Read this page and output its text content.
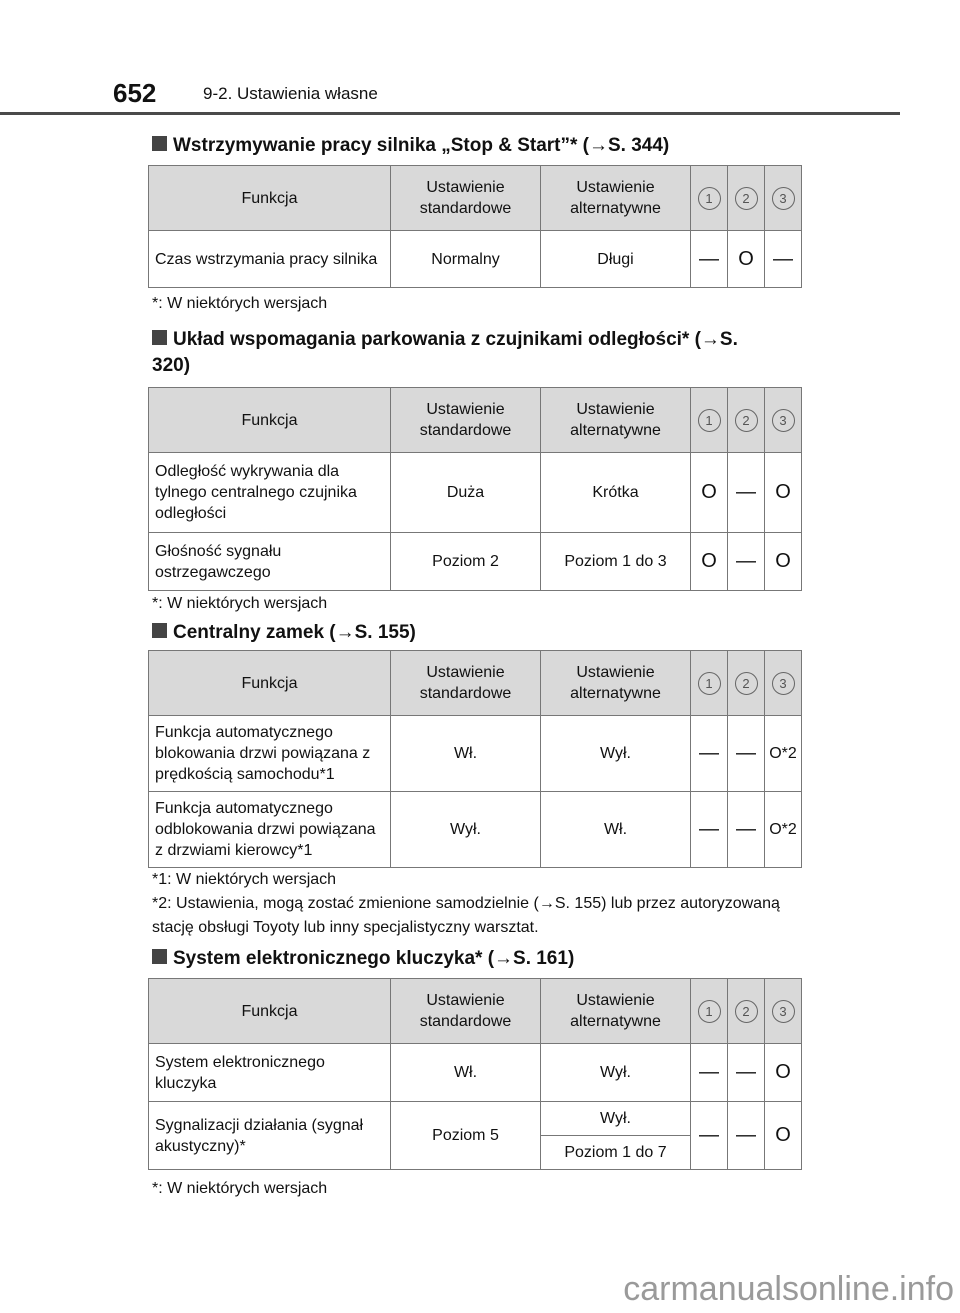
652	9-2. Ustawienia własne
Wstrzymywanie pracy silnika „Stop & Start”* (→S. 344)
Funkcja	Ustawienie standardowe	Ustawienie alternatywne	1	2	3
Czas wstrzymania pracy silnika	Normalny	Długi	—	O	—
*: W niektórych wersjach
Układ wspomagania parkowania z czujnikami odległości* (→S. 320)
Funkcja	Ustawienie standardowe	Ustawienie alternatywne	1	2	3
Odległość wykrywania dla tylnego centralnego czujnika odległości	Duża	Krótka	O	—	O
Głośność sygnału ostrzegawczego	Poziom 2	Poziom 1 do 3	O	—	O
*: W niektórych wersjach
Centralny zamek (→S. 155)
Funkcja	Ustawienie standardowe	Ustawienie alternatywne	1	2	3
Funkcja automatycznego blokowania drzwi powiązana z prędkością samochodu*1	Wł.	Wył.	—	—	O*2
Funkcja automatycznego odblokowania drzwi powiązana z drzwiami kierowcy*1	Wył.	Wł.	—	—	O*2
*1: W niektórych wersjach
*2: Ustawienia, mogą zostać zmienione samodzielnie (→S. 155) lub przez autoryzowaną stację obsługi Toyoty lub inny specjalistyczny warsztat.
System elektronicznego kluczyka* (→S. 161)
Funkcja	Ustawienie standardowe	Ustawienie alternatywne	1	2	3
System elektronicznego kluczyka	Wł.	Wył.	—	—	O
Sygnalizacji działania (sygnał akustyczny)*	Poziom 5	Wył.	—	—	O
		Poziom 1 do 7			
*: W niektórych wersjach
carmanualsonline.info
